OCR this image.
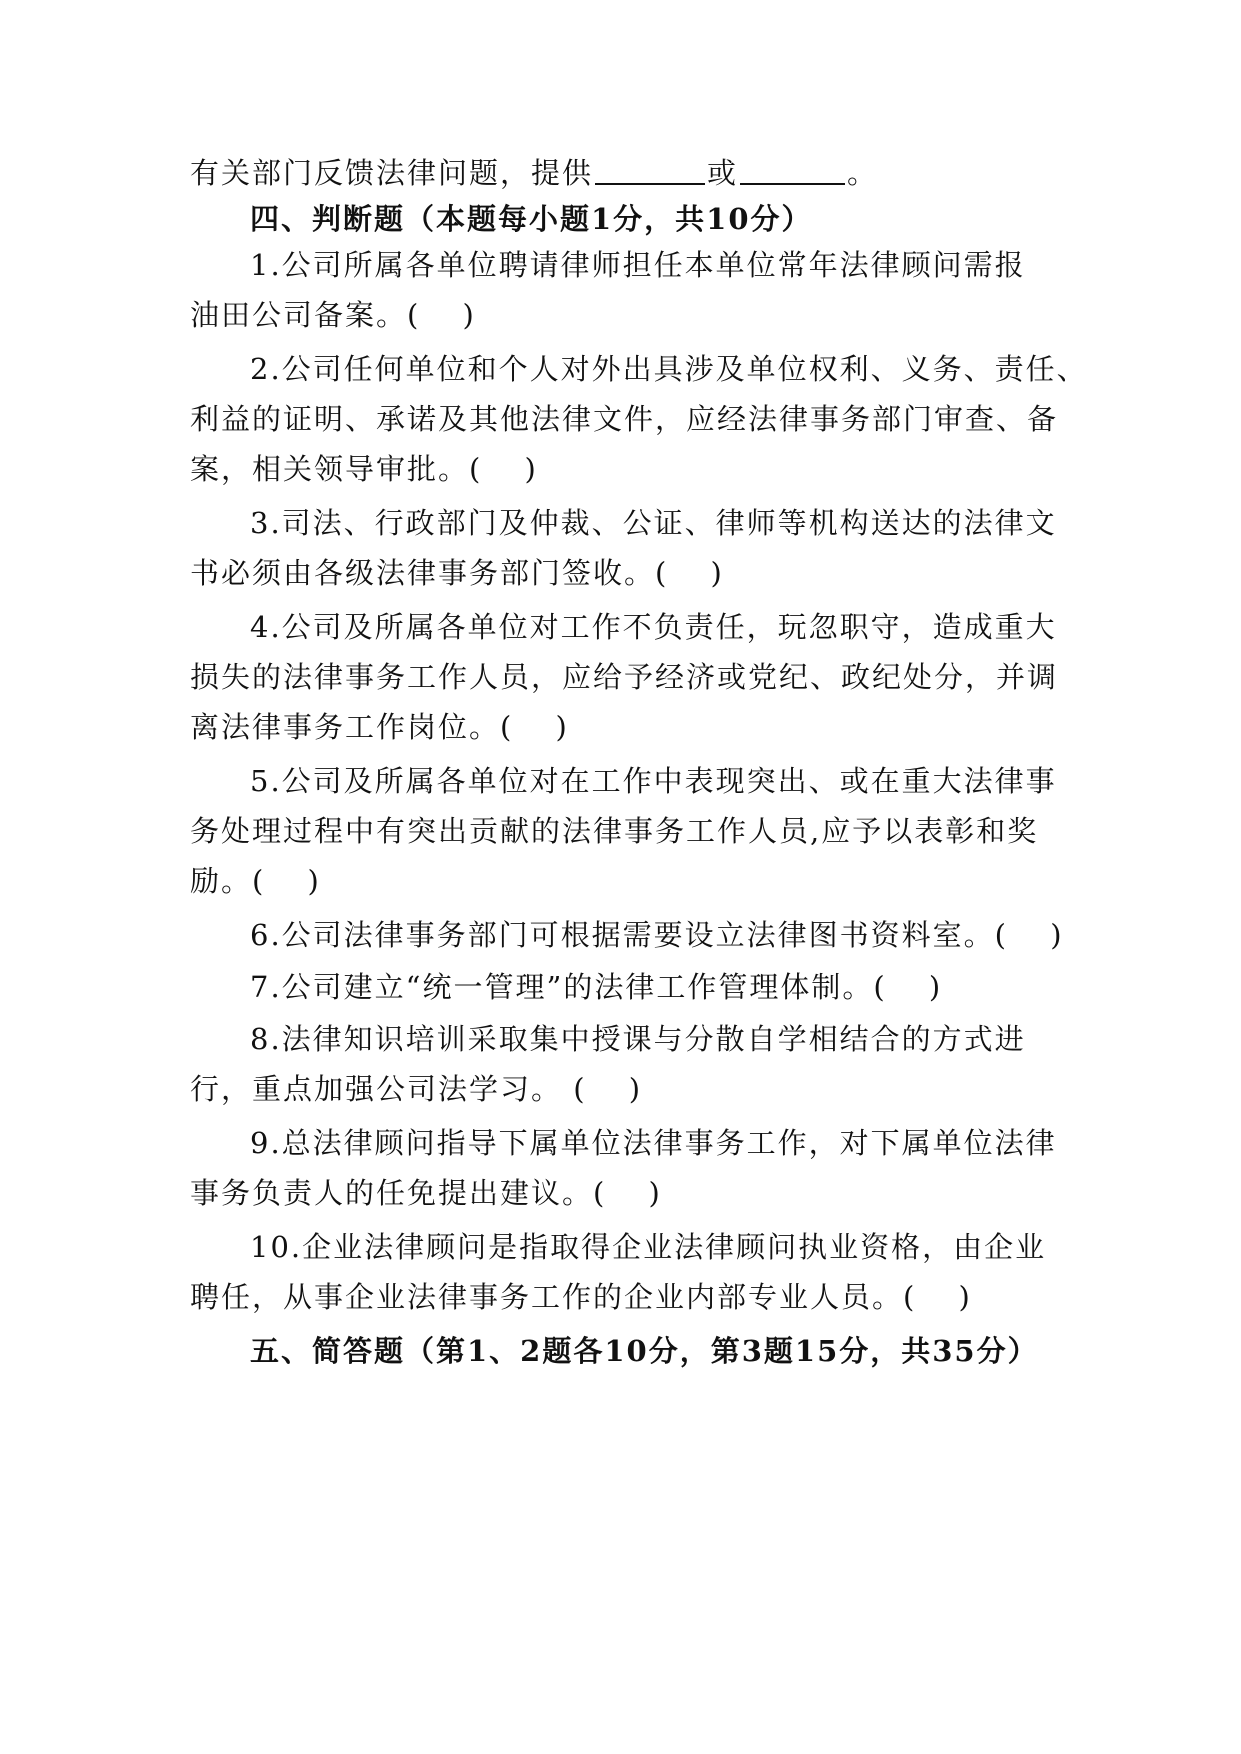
有关部门反馈法律问题，提供	或	。
四、判断题（本题每小题1分，共10分）
1.公司所属各单位聘请律师担任本单位常年法律顾问需报
油田公司备案。(　 )
2.公司任何单位和个人对外出具涉及单位权利、义务、责任、
利益的证明、承诺及其他法律文件，应经法律事务部门审查、备
案，相关领导审批。(　 )
3.司法、行政部门及仲裁、公证、律师等机构送达的法律文
书必须由各级法律事务部门签收。(　 )
4.公司及所属各单位对工作不负责任，玩忽职守，造成重大
损失的法律事务工作人员，应给予经济或党纪、政纪处分，并调
离法律事务工作岗位。(　 )
5.公司及所属各单位对在工作中表现突出、或在重大法律事
务处理过程中有突出贡献的法律事务工作人员,应予以表彰和奖
励。(　 )
6.公司法律事务部门可根据需要设立法律图书资料室。(　 )
7.公司建立“统一管理”的法律工作管理体制。(　 )
8.法律知识培训采取集中授课与分散自学相结合的方式进
行，重点加强公司法学习。 (　 )
9.总法律顾问指导下属单位法律事务工作，对下属单位法律
事务负责人的任免提出建议。(　 )
10.企业法律顾问是指取得企业法律顾问执业资格，由企业
聘任，从事企业法律事务工作的企业内部专业人员。(　 )
五、简答题（第1、2题各10分，第3题15分，共35分）
